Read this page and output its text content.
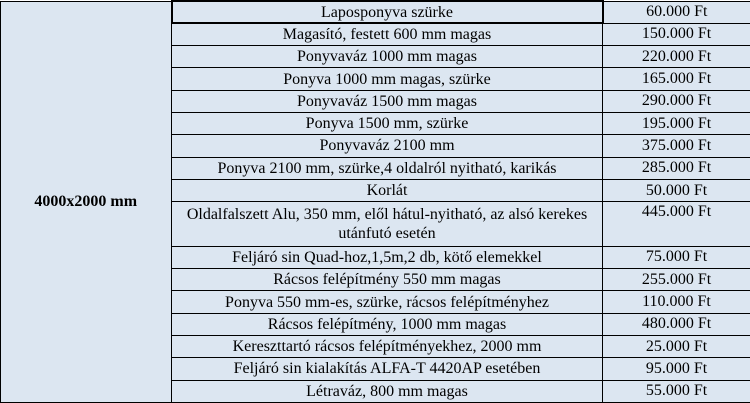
4000x2000 mm	Laposponyva szürke	60.000 Ft
	Magasító, festett 600 mm magas	150.000 Ft
	Ponyvaváz 1000 mm magas	220.000 Ft
	Ponyva 1000 mm magas, szürke	165.000 Ft
	Ponyvaváz 1500 mm magas	290.000 Ft
	Ponyva 1500 mm, szürke	195.000 Ft
	Ponyvaváz 2100 mm	375.000 Ft
	Ponyva 2100 mm, szürke,4 oldalról nyitható, karikás	285.000 Ft
	Korlát	50.000 Ft
	Oldalfalszett Alu, 350 mm, elől hátul-nyitható, az alsó kerekes utánfutó esetén	445.000 Ft
	Feljáró sin Quad-hoz,1,5m,2 db, kötő elemekkel	75.000 Ft
	Rácsos felépítmény 550 mm magas	255.000 Ft
	Ponyva 550 mm-es, szürke, rácsos felépítményhez	110.000 Ft
	Rácsos felépítmény, 1000 mm magas	480.000 Ft
	Kereszttartó rácsos felépítményekhez, 2000 mm	25.000 Ft
	Feljáró sin kialakítás ALFA-T 4420AP esetében	95.000 Ft
	Létraváz, 800 mm magas	55.000 Ft
